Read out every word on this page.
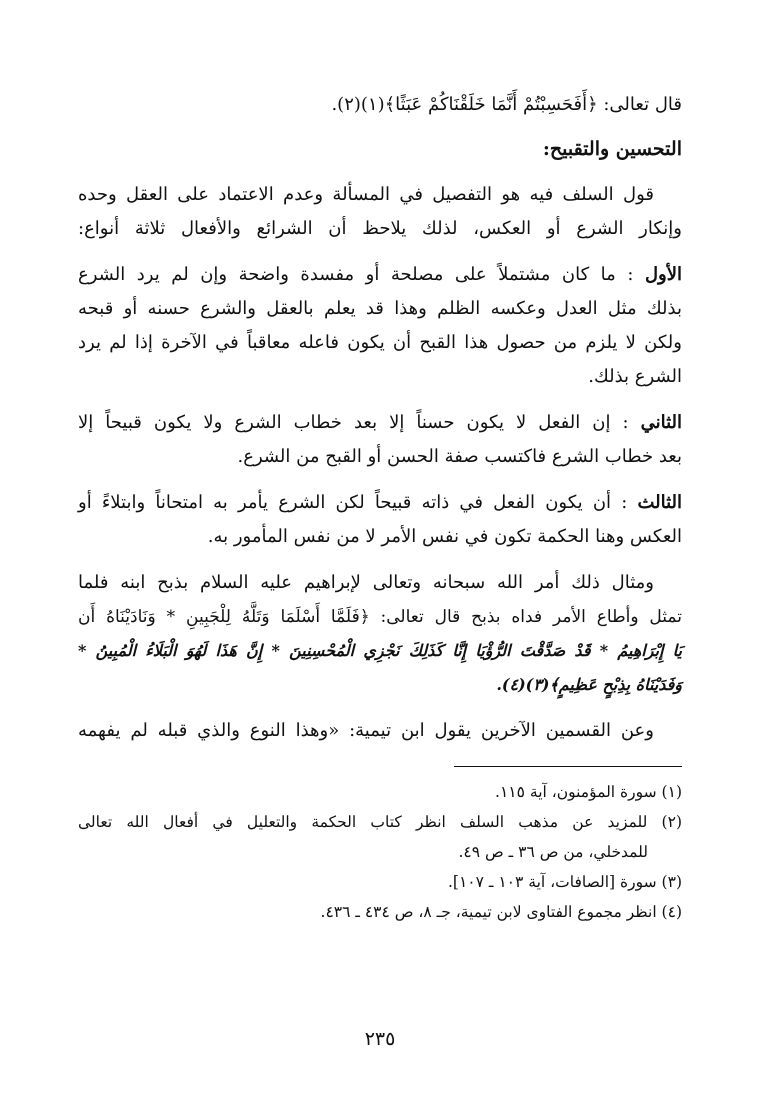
قال تعالى: ﴿أَفَحَسِبْتُمْ أَنَّمَا خَلَقْنَاكُمْ عَبَثًا﴾(١)(٢).
التحسين والتقبيح:
قول السلف فيه هو التفصيل في المسألة وعدم الاعتماد على العقل وحده
وإنكار الشرع أو العكس، لذلك يلاحظ أن الشرائع والأفعال ثلاثة أنواع:
الأول : ما كان مشتملاً على مصلحة أو مفسدة واضحة وإن لم يرد الشرع
بذلك مثل العدل وعكسه الظلم وهذا قد يعلم بالعقل والشرع حسنه أو قبحه
ولكن لا يلزم من حصول هذا القبح أن يكون فاعله معاقباً في الآخرة إذا لم يرد
الشرع بذلك.
الثاني : إن الفعل لا يكون حسناً إلا بعد خطاب الشرع ولا يكون قبيحاً إلا
بعد خطاب الشرع فاكتسب صفة الحسن أو القبح من الشرع.
الثالث : أن يكون الفعل في ذاته قبيحاً لكن الشرع يأمر به امتحاناً وابتلاءً أو
العكس وهنا الحكمة تكون في نفس الأمر لا من نفس المأمور به.
ومثال ذلك أمر الله سبحانه وتعالى لإبراهيم عليه السلام بذبح ابنه فلما
تمثل وأطاع الأمر فداه بذبح قال تعالى: ﴿فَلَمَّا أَسْلَمَا وَتَلَّهُ لِلْجَبِينِ * وَنَادَيْنَاهُ أَن
يَا إِبْرَاهِيمُ * قَدْ صَدَّقْتَ الرُّؤْيَا إِنَّا كَذَلِكَ نَجْزِي الْمُحْسِنِينَ * إِنَّ هَذَا لَهُوَ الْبَلَاءُ الْمُبِينُ *
وَفَدَيْنَاهُ بِذِبْحٍ عَظِيمٍ﴾(٣)(٤).
وعن القسمين الآخرين يقول ابن تيمية: «وهذا النوع والذي قبله لم يفهمه
(١) سورة المؤمنون، آية ١١٥.
(٢) للمزيد عن مذهب السلف انظر كتاب الحكمة والتعليل في أفعال الله تعالى
للمدخلي، من ص ٣٦ ـ ص ٤٩.
(٣) سورة [الصافات، آية ١٠٣ ـ ١٠٧].
(٤) انظر مجموع الفتاوى لابن تيمية، جـ ٨، ص ٤٣٤ ـ ٤٣٦.
٢٣٥
